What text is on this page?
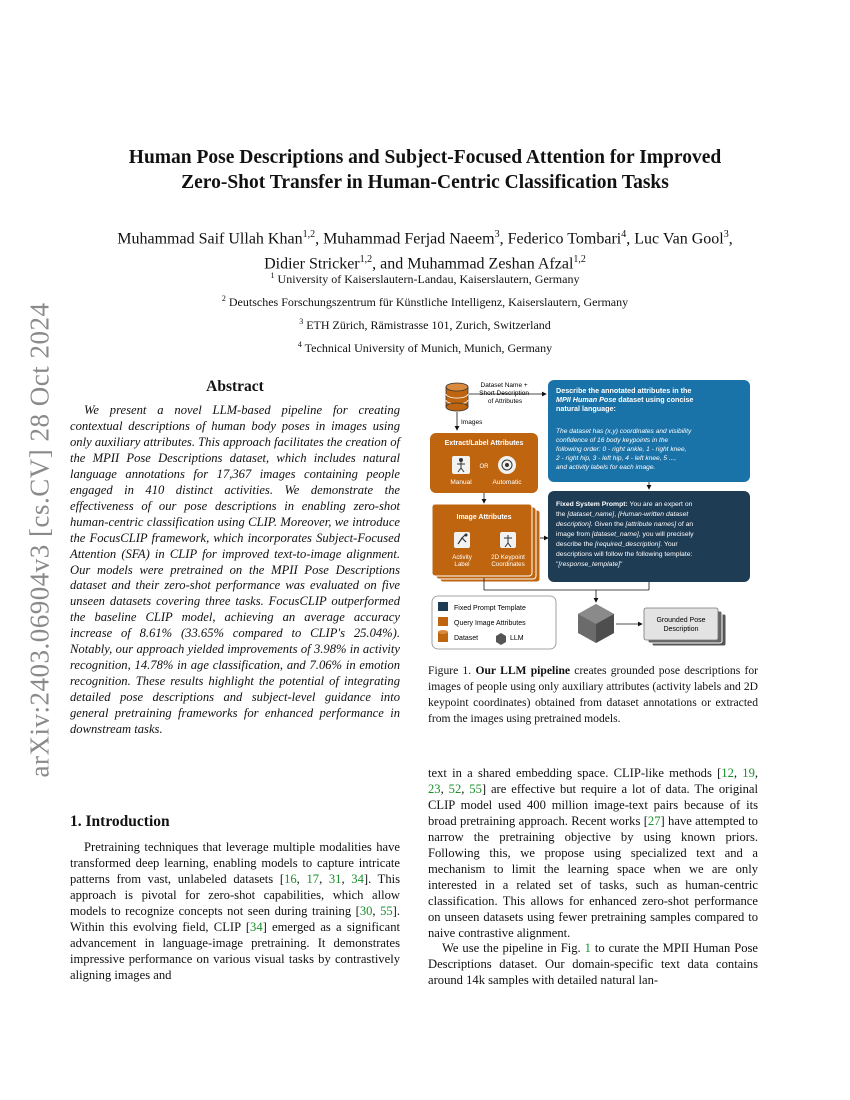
arXiv:2403.06904v3 [cs.CV] 28 Oct 2024
Human Pose Descriptions and Subject-Focused Attention for Improved
Zero-Shot Transfer in Human-Centric Classification Tasks
Muhammad Saif Ullah Khan$^{1,2}$, Muhammad Ferjad Naeem$^3$, Federico Tombari$^4$, Luc Van Gool$^3$,
Didier Stricker$^{1,2}$, and Muhammad Zeshan Afzal$^{1,2}$
$^1$ University of Kaiserslautern-Landau, Kaiserslautern, Germany
$^2$ Deutsches Forschungszentrum für Künstliche Intelligenz, Kaiserslautern, Germany
$^3$ ETH Zürich, Rämistrasse 101, Zurich, Switzerland
$^4$ Technical University of Munich, Munich, Germany
Abstract

We present a novel LLM-based pipeline for creating contextual descriptions of human body poses in images using only auxiliary attributes. This approach facilitates the creation of the MPII Pose Descriptions dataset, which includes natural language annotations for 17,367 images containing people engaged in 410 distinct activities. We demonstrate the effectiveness of our pose descriptions in enabling zero-shot human-centric classification using CLIP. Moreover, we introduce the FocusCLIP framework, which incorporates Subject-Focused Attention (SFA) in CLIP for improved text-to-image alignment. Our models were pretrained on the MPII Pose Descriptions dataset and their zero-shot performance was evaluated on five unseen datasets covering three tasks. FocusCLIP outperformed the baseline CLIP model, achieving an average accuracy increase of 8.61% (33.65% compared to CLIP's 25.04%). Notably, our approach yielded improvements of 3.98% in activity recognition, 14.78% in age classification, and 7.06% in emotion recognition. These results highlight the potential of integrating detailed pose descriptions and subject-level guidance into general pretraining frameworks for enhanced performance in downstream tasks.

1. Introduction

Pretraining techniques that leverage multiple modalities have transformed deep learning, enabling models to capture intricate patterns from vast, unlabeled datasets [16, 17, 31, 34]. This approach is pivotal for zero-shot capabilities, which allow models to recognize concepts not seen during training [30, 55]. Within this evolving field, CLIP [34] emerged as a significant advancement in language-image pretraining. It demonstrates impressive performance on various visual tasks by contrastively aligning images and

Dataset Name + Short Description of Attributes
Images
Extract/Label Attributes
OR
Manual	Automatic
Image Attributes
Activity Label
2D Keypoint Coordinates
Describe the annotated attributes in the MPII Human Pose dataset using concise natural language:
The dataset has (x,y) coordinates and visibility confidence of 16 body keypoints in the following order: 0 - right ankle, 1 - right knee, 2 - right hip, 3 - left hip, 4 - left knee, 5 ..., and activity labels for each image.
Fixed System Prompt: You are an expert on the [dataset_name], [Human-written dataset description]. Given the [attribute names] of an image from [dataset_name], you will precisely describe the [required_description]. Your descriptions will follow the following template: "[response_template]"
Fixed Prompt Template
Query Image Attributes
Dataset	LLM
Grounded Pose Description
Figure 1. Our LLM pipeline creates grounded pose descriptions for images of people using only auxiliary attributes (activity labels and 2D keypoint coordinates) obtained from dataset annotations or extracted from the images using pretrained models.

text in a shared embedding space. CLIP-like methods [12, 19, 23, 52, 55] are effective but require a lot of data. The original CLIP model used 400 million image-text pairs because of its broad pretraining approach. Recent works [27] have attempted to narrow the pretraining objective by using known priors. Following this, we propose using specialized text and a mechanism to limit the learning space when we are only interested in a related set of tasks, such as human-centric classification. This allows for enhanced zero-shot performance on unseen datasets using fewer pretraining samples compared to naive contrastive alignment.

We use the pipeline in Fig. 1 to curate the MPII Human Pose Descriptions dataset. Our domain-specific text data contains around 14k samples with detailed natural lan-
